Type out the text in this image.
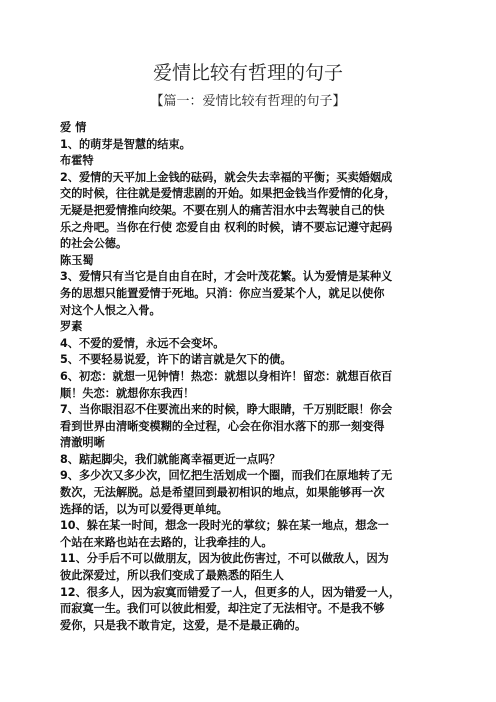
爱情比较有哲理的句子
【篇一：爱情比较有哲理的句子】
爱 情
1、的萌芽是智慧的结束。
布霍特
2、爱情的天平加上金钱的砝码，就会失去幸福的平衡；买卖婚姻成
交的时候，往往就是爱情悲剧的开始。如果把金钱当作爱情的化身，
无疑是把爱情推向绞架。不要在别人的痛苦泪水中去驾驶自己的快
乐之舟吧。当你在行使 恋爱自由 权利的时候，请不要忘记遵守起码
的社会公德。
陈玉蜀
3、爱情只有当它是自由自在时，才会叶茂花繁。认为爱情是某种义
务的思想只能置爱情于死地。只消：你应当爱某个人，就足以使你
对这个人恨之入骨。
罗素
4、不爱的爱情，永远不会变坏。
5、不要轻易说爱，许下的诺言就是欠下的债。
6、初恋：就想一见钟情！热恋：就想以身相许！留恋：就想百依百
顺！失恋：就想你东我西！
7、当你眼泪忍不住要流出来的时候，睁大眼睛，千万别眨眼！你会
看到世界由清晰变模糊的全过程，心会在你泪水落下的那一刻变得
清澈明晰
8、踮起脚尖，我们就能离幸福更近一点吗？
9、多少次又多少次，回忆把生活划成一个圈，而我们在原地转了无
数次，无法解脱。总是希望回到最初相识的地点，如果能够再一次
选择的话，以为可以爱得更单纯。
10、躲在某一时间，想念一段时光的掌纹；躲在某一地点，想念一
个站在来路也站在去路的，让我牵挂的人。
11、分手后不可以做朋友，因为彼此伤害过，不可以做敌人，因为
彼此深爱过，所以我们变成了最熟悉的陌生人
12、很多人，因为寂寞而错爱了一人，但更多的人，因为错爱一人，
而寂寞一生。我们可以彼此相爱，却注定了无法相守。不是我不够
爱你，只是我不敢肯定，这爱，是不是最正确的。
